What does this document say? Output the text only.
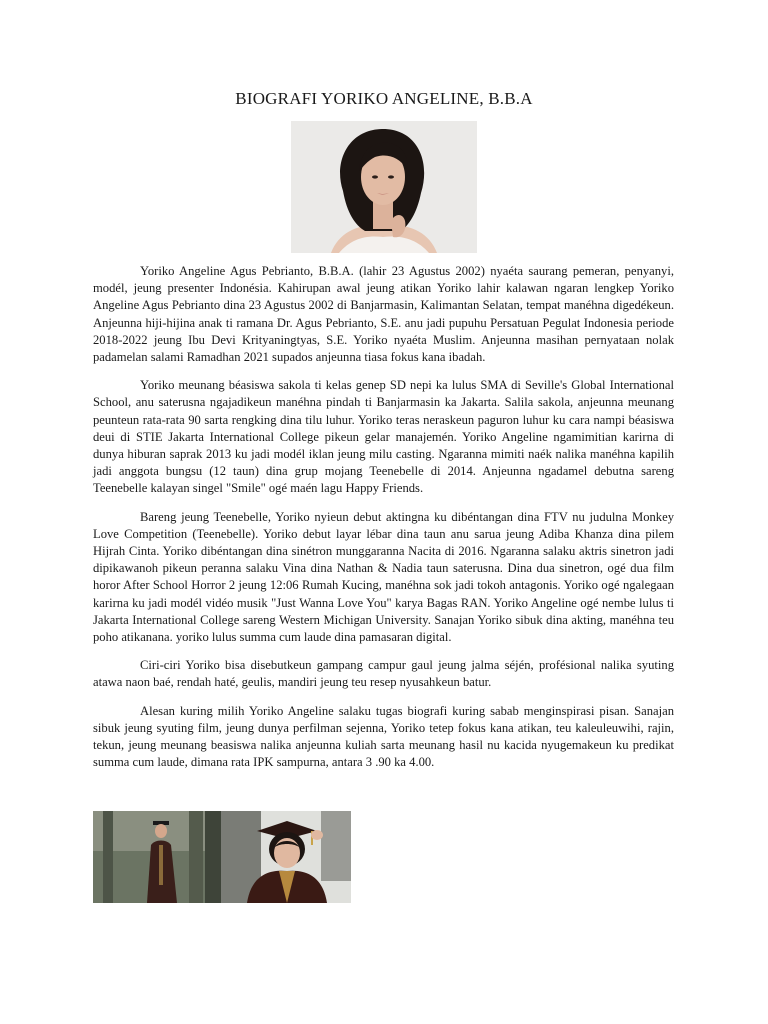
BIOGRAFI YORIKO ANGELINE, B.B.A

Yoriko Angeline Agus Pebrianto, B.B.A. (lahir 23 Agustus 2002) nyaéta saurang pemeran, penyanyi, modél, jeung presenter Indonésia. Kahirupan awal jeung atikan Yoriko lahir kalawan ngaran lengkep Yoriko Angeline Agus Pebrianto dina 23 Agustus 2002 di Banjarmasin, Kalimantan Selatan, tempat manéhna digedékeun. Anjeunna hiji-hijina anak ti ramana Dr. Agus Pebrianto, S.E. anu jadi pupuhu Persatuan Pegulat Indonesia periode 2018-2022 jeung Ibu Devi Krityaningtyas, S.E. Yoriko nyaéta Muslim. Anjeunna masihan pernyataan nolak padamelan salami Ramadhan 2021 supados anjeunna tiasa fokus kana ibadah.

Yoriko meunang béasiswa sakola ti kelas genep SD nepi ka lulus SMA di Seville's Global International School, anu saterusna ngajadikeun manéhna pindah ti Banjarmasin ka Jakarta. Salila sakola, anjeunna meunang peunteun rata-rata 90 sarta rengking dina tilu luhur. Yoriko teras neraskeun paguron luhur ku cara nampi béasiswa deui di STIE Jakarta International College pikeun gelar manajemén. Yoriko Angeline ngamimitian karirna di dunya hiburan saprak 2013 ku jadi modél iklan jeung milu casting. Ngaranna mimiti naék nalika manéhna kapilih jadi anggota bungsu (12 taun) dina grup mojang Teenebelle di 2014. Anjeunna ngadamel debutna sareng Teenebelle kalayan singel "Smile" ogé maén lagu Happy Friends.

Bareng jeung Teenebelle, Yoriko nyieun debut aktingna ku dibéntangan dina FTV nu judulna Monkey Love Competition (Teenebelle). Yoriko debut layar lébar dina taun anu sarua jeung Adiba Khanza dina pilem Hijrah Cinta. Yoriko dibéntangan dina sinétron munggaranna Nacita di 2016. Ngaranna salaku aktris sinetron jadi dipikawanoh pikeun peranna salaku Vina dina Nathan & Nadia taun saterusna. Dina dua sinetron, ogé dua film horor After School Horror 2 jeung 12:06 Rumah Kucing, manéhna sok jadi tokoh antagonis. Yoriko ogé ngalegaan karirna ku jadi modél vidéo musik "Just Wanna Love You" karya Bagas RAN. Yoriko Angeline ogé nembe lulus ti Jakarta International College sareng Western Michigan University. Sanajan Yoriko sibuk dina akting, manéhna teu poho atikanana. yoriko lulus summa cum laude dina pamasaran digital.

Ciri-ciri Yoriko bisa disebutkeun gampang campur gaul jeung jalma séjén, profésional nalika syuting atawa naon baé, rendah haté, geulis, mandiri jeung teu resep nyusahkeun batur.

Alesan kuring milih Yoriko Angeline salaku tugas biografi kuring sabab menginspirasi pisan. Sanajan sibuk jeung syuting film, jeung dunya perfilman sejenna, Yoriko tetep fokus kana atikan, teu kaleuleuwihi, rajin, tekun, jeung meunang beasiswa nalika anjeunna kuliah sarta meunang hasil nu kacida nyugemakeun ku predikat summa cum laude, dimana rata IPK sampurna, antara 3 .90 ka 4.00.
